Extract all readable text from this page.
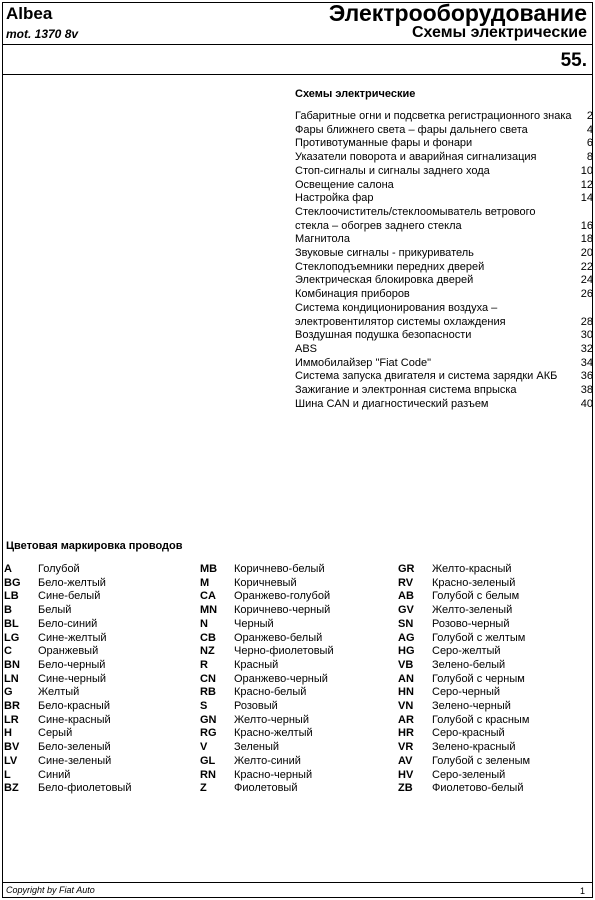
Albea
mot. 1370 8v
Электрооборудование
Схемы электрические
55.
Схемы электрические
Габаритные огни и подсветка регистрационного знака	2
Фары ближнего света – фары дальнего света	4
Противотуманные фары и фонари	6
Указатели поворота и аварийная сигнализация	8
Стоп-сигналы и сигналы заднего хода	10
Освещение салона	12
Настройка фар	14
Стеклоочиститель/стеклоомыватель ветрового
стекла – обогрев заднего стекла	16
Магнитола	18
Звуковые сигналы - прикуриватель	20
Стеклоподъемники передних дверей	22
Электрическая блокировка дверей	24
Комбинация приборов	26
Система кондиционирования воздуха –
электровентилятор системы охлаждения	28
Воздушная подушка безопасности	30
ABS	32
Иммобилайзер "Fiat Code"	34
Система запуска двигателя и система зарядки АКБ	36
Зажигание и электронная система впрыска	38
Шина CAN и диагностический разъем	40
Цветовая маркировка проводов
A	Голубой
BG	Бело-желтый
LB	Сине-белый
B	Белый
BL	Бело-синий
LG	Сине-желтый
C	Оранжевый
BN	Бело-черный
LN	Сине-черный
G	Желтый
BR	Бело-красный
LR	Сине-красный
H	Серый
BV	Бело-зеленый
LV	Сине-зеленый
L	Синий
BZ	Бело-фиолетовый
MB	Коричнево-белый
M	Коричневый
CA	Оранжево-голубой
MN	Коричнево-черный
N	Черный
CB	Оранжево-белый
NZ	Черно-фиолетовый
R	Красный
CN	Оранжево-черный
RB	Красно-белый
S	Розовый
GN	Желто-черный
RG	Красно-желтый
V	Зеленый
GL	Желто-синий
RN	Красно-черный
Z	Фиолетовый
GR	Желто-красный
RV	Красно-зеленый
AB	Голубой с белым
GV	Желто-зеленый
SN	Розово-черный
AG	Голубой с желтым
HG	Серо-желтый
VB	Зелено-белый
AN	Голубой с черным
HN	Серо-черный
VN	Зелено-черный
AR	Голубой с красным
HR	Серо-красный
VR	Зелено-красный
AV	Голубой с зеленым
HV	Серо-зеленый
ZB	Фиолетово-белый
Copyright by Fiat Auto	1
